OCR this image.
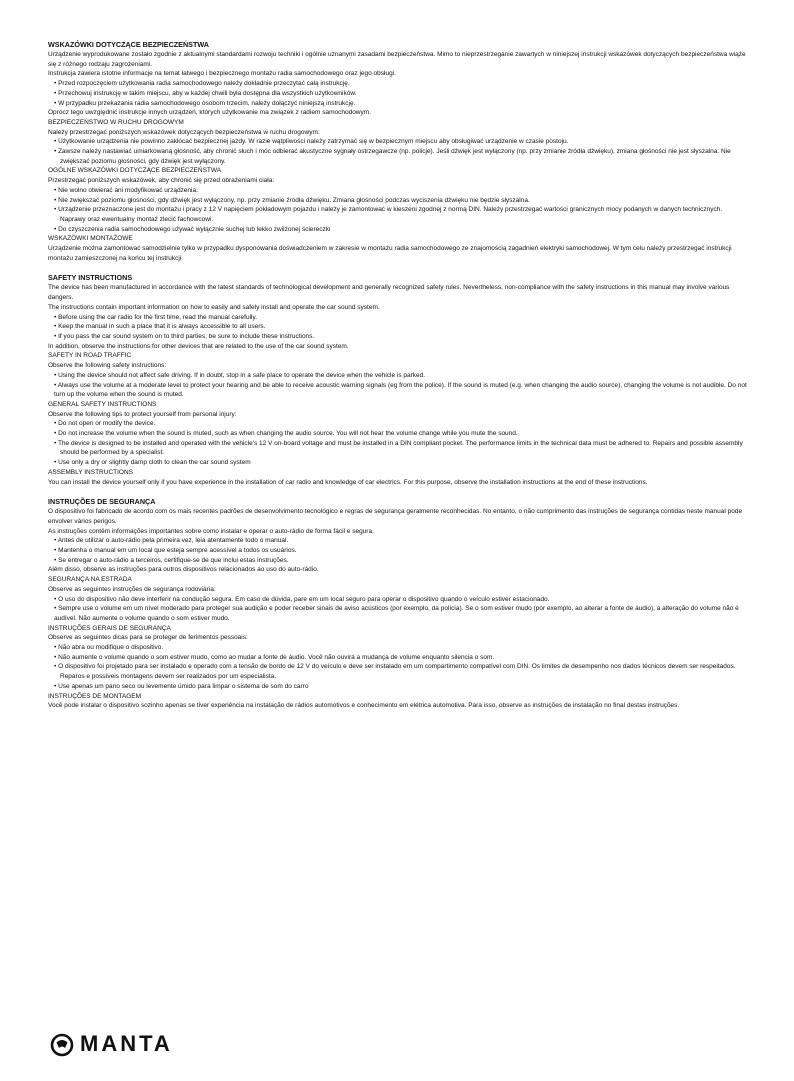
WSKAZÓWKI DOTYCZĄCE BEZPIECZEŃSTWA

Urządzenie wyprodukowane zostało zgodnie z aktualnymi standardami rozwoju techniki i ogólnie uznanymi zasadami bezpieczeństwa. Mimo to nieprzestrzeganie zawartych w niniejszej instrukcji wskazówek dotyczących bezpieczeństwa wiąże się z różnego rodzaju zagrożeniami.

Instrukcja zawiera istotne informacje na temat łatwego i bezpiecznego montażu radia samochodowego oraz jego obsługi.

• Przed rozpoczęciem użytkowania radia samochodowego należy dokładnie przeczytać całą instrukcję.

• Przechowuj instrukcję w takim miejscu, aby w każdej chwili była dostępna dla wszystkich użytkowników.

• W przypadku przekazania radia samochodowego osobom trzecim, należy dołączyć niniejszą instrukcję.

Oprócz tego uwzględnić instrukcje innych urządzeń, których użytkowanie ma związek z radiem samochodowym.

BEZPIECZEŃSTWO W RUCHU DROGOWYM

Należy przestrzegać poniższych wskazówek dotyczących bezpieczeństwa w ruchu drogowym:

• Użytkowanie urządzenia nie powinno zakłócać bezpiecznej jazdy. W razie wątpliwości należy zatrzymać się w bezpiecznym miejscu aby obsługiwać urządzenie w czasie postoju.

• Zawsze należy nastawiać umiarkowaną głośność, aby chronić słuch i móc odbierać akustyczne sygnały ostrzegawcze (np. policje). Jeśli dźwięk jest wyłączony (np. przy zmianie źródła dźwięku), zmiana głośności nie jest słyszalna. Nie zwiększać poziomu głośności, gdy dźwięk jest wyłączony.

OGÓLNE WSKAZÓWKI DOTYCZĄCE BEZPIECZEŃSTWA

Przestrzegać poniższych wskazówek, aby chronić się przed obrażeniami ciała:

• Nie wolno otwierać ani modyfikować urządzenia.

• Nie zwiększać poziomu głośności, gdy dźwięk jest wyłączony, np. przy zmianie źródła dźwięku. Zmiana głośności podczas wyciszenia dźwięku nie będzie słyszalna.

• Urządzenie przeznaczone jest do montażu i pracy z 12 V napięciem pokładowym pojazdu i należy je zamontować w kieszeni zgodnej z normą DIN. Należy przestrzegać wartości granicznych mocy podanych w danych technicznych. Naprawy oraz ewentualny montaż zlecić fachowcowi.

• Do czyszczenia radia samochodowego używać wyłącznie suchej lub lekko zwilżonej ściereczki

WSKAZÓWKI MONTAŻOWE

Urządzenie można zamontować samodzielnie tylko w przypadku dysponowania doświadczeniem w zakresie w montażu radia samochodowego ze znajomością zagadnień elektryki samochodowej. W tym celu należy przestrzegać instrukcji montażu zamieszczonej na końcu tej instrukcji.

SAFETY INSTRUCTIONS

The device has been manufactured in accordance with the latest standards of technological development and generally recognized safety rules. Nevertheless, non-compliance with the safety instructions in this manual may involve various dangers.

The instructions contain important information on how to easily and safely install and operate the car sound system.

• Before using the car radio for the first time, read the manual carefully.

• Keep the manual in such a place that it is always accessible to all users.

• If you pass the car sound system on to third parties, be sure to include these instructions.

In addition, observe the instructions for other devices that are related to the use of the car sound system.

SAFETY IN ROAD TRAFFIC

Observe the following safety instructions:

• Using the device should not affect safe driving. If in doubt, stop in a safe place to operate the device when the vehicle is parked.

• Always use the volume at a moderate level to protect your hearing and be able to receive acoustic warning signals (eg from the police). If the sound is muted (e.g. when changing the audio source), changing the volume is not audible. Do not turn up the volume when the sound is muted.

GENERAL SAFETY INSTRUCTIONS

Observe the following tips to protect yourself from personal injury:

• Do not open or modify the device.

• Do not increase the volume when the sound is muted, such as when changing the audio source. You will not hear the volume change while you mute the sound.

• The device is designed to be installed and operated with the vehicle's 12 V on-board voltage and must be installed in a DIN compliant pocket. The performance limits in the technical data must be adhered to. Repairs and possible assembly should be performed by a specialist.

• Use only a dry or slightly damp cloth to clean the car sound system

ASSEMBLY INSTRUCTIONS

You can install the device yourself only if you have experience in the installation of car radio and knowledge of car electrics. For this purpose, observe the installation instructions at the end of these instructions.

INSTRUÇÕES DE SEGURANÇA

O dispositivo foi fabricado de acordo com os mais recentes padrões de desenvolvimento tecnológico e regras de segurança geralmente reconhecidas. No entanto, o não cumprimento das instruções de segurança contidas neste manual pode envolver vários perigos.

As instruções contêm informações importantes sobre como instalar e operar o auto-rádio de forma fácil e segura.

• Antes de utilizar o auto-rádio pela primeira vez, leia atentamente todo o manual.

• Mantenha o manual em um local que esteja sempre acessível a todos os usuários.

• Se entregar o auto-rádio a terceiros, certifique-se de que inclui estas instruções.

Além disso, observe as instruções para outros dispositivos relacionados ao uso do auto-rádio.

SEGURANÇA NA ESTRADA

Observe as seguintes instruções de segurança rodoviária:

• O uso do dispositivo não deve interferir na condução segura. Em caso de dúvida, pare em um local seguro para operar o dispositivo quando o veículo estiver estacionado.

• Sempre use o volume em um nível moderado para proteger sua audição e poder receber sinais de aviso acústicos (por exemplo, da polícia). Se o som estiver mudo (por exemplo, ao alterar a fonte de áudio), a alteração do volume não é audível. Não aumente o volume quando o som estiver mudo.

INSTRUÇÕES GERAIS DE SEGURANÇA

Observe as seguintes dicas para se proteger de ferimentos pessoais:

• Não abra ou modifique o dispositivo.

• Não aumente o volume quando o som estiver mudo, como ao mudar a fonte de áudio. Você não ouvirá a mudança de volume enquanto silencia o som.

• O dispositivo foi projetado para ser instalado e operado com a tensão de bordo de 12 V do veículo e deve ser instalado em um compartimento compatível com DIN. Os limites de desempenho nos dados técnicos devem ser respeitados. Reparos e possíveis montagens devem ser realizados por um especialista.

• Use apenas um pano seco ou levemente úmido para limpar o sistema de som do carro

INSTRUÇÕES DE MONTAGEM

Você pode instalar o dispositivo sozinho apenas se tiver experiência na instalação de rádios automotivos e conhecimento em elétrica automotiva. Para isso, observe as instruções de instalação no final destas instruções.

MANTA
